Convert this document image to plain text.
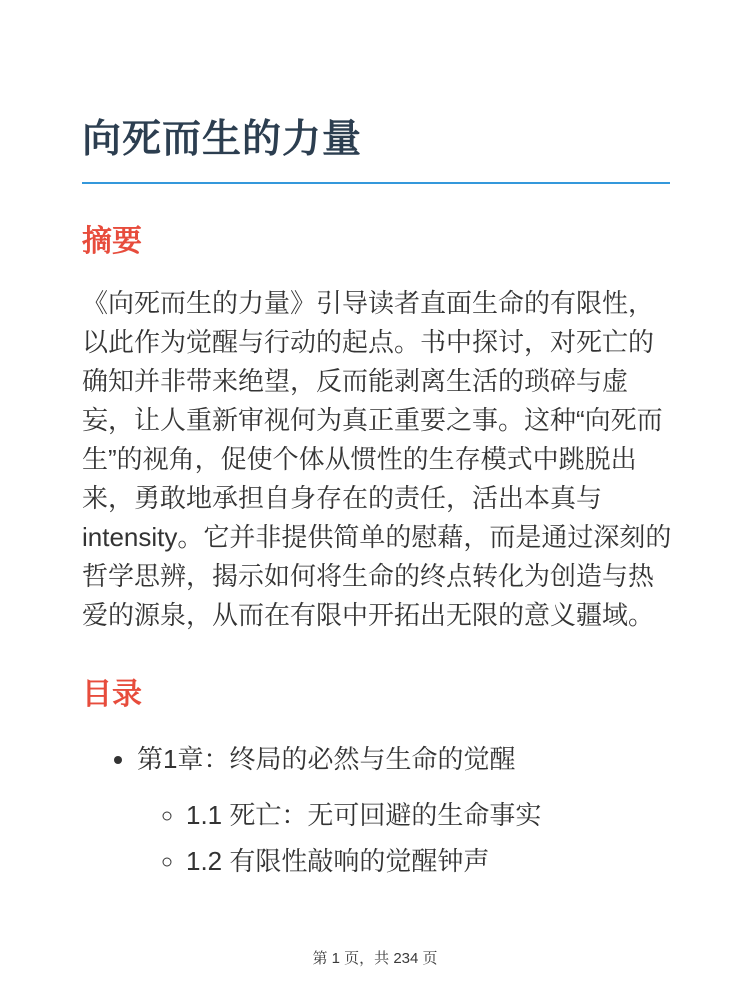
向死而生的力量
摘要

《向死而生的力量》引导读者直面生命的有限性，以此作为觉醒与行动的起点。书中探讨，对死亡的确知并非带来绝望，反而能剥离生活的琐碎与虚妄，让人重新审视何为真正重要之事。这种“向死而生”的视角，促使个体从惯性的生存模式中跳脱出来，勇敢地承担自身存在的责任，活出本真与intensity。它并非提供简单的慰藉，而是通过深刻的哲学思辨，揭示如何将生命的终点转化为创造与热爱的源泉，从而在有限中开拓出无限的意义疆域。

目录
• 第1章：终局的必然与生命的觉醒
◦ 1.1 死亡：无可回避的生命事实
◦ 1.2 有限性敲响的觉醒钟声
第 1 页，共 234 页
